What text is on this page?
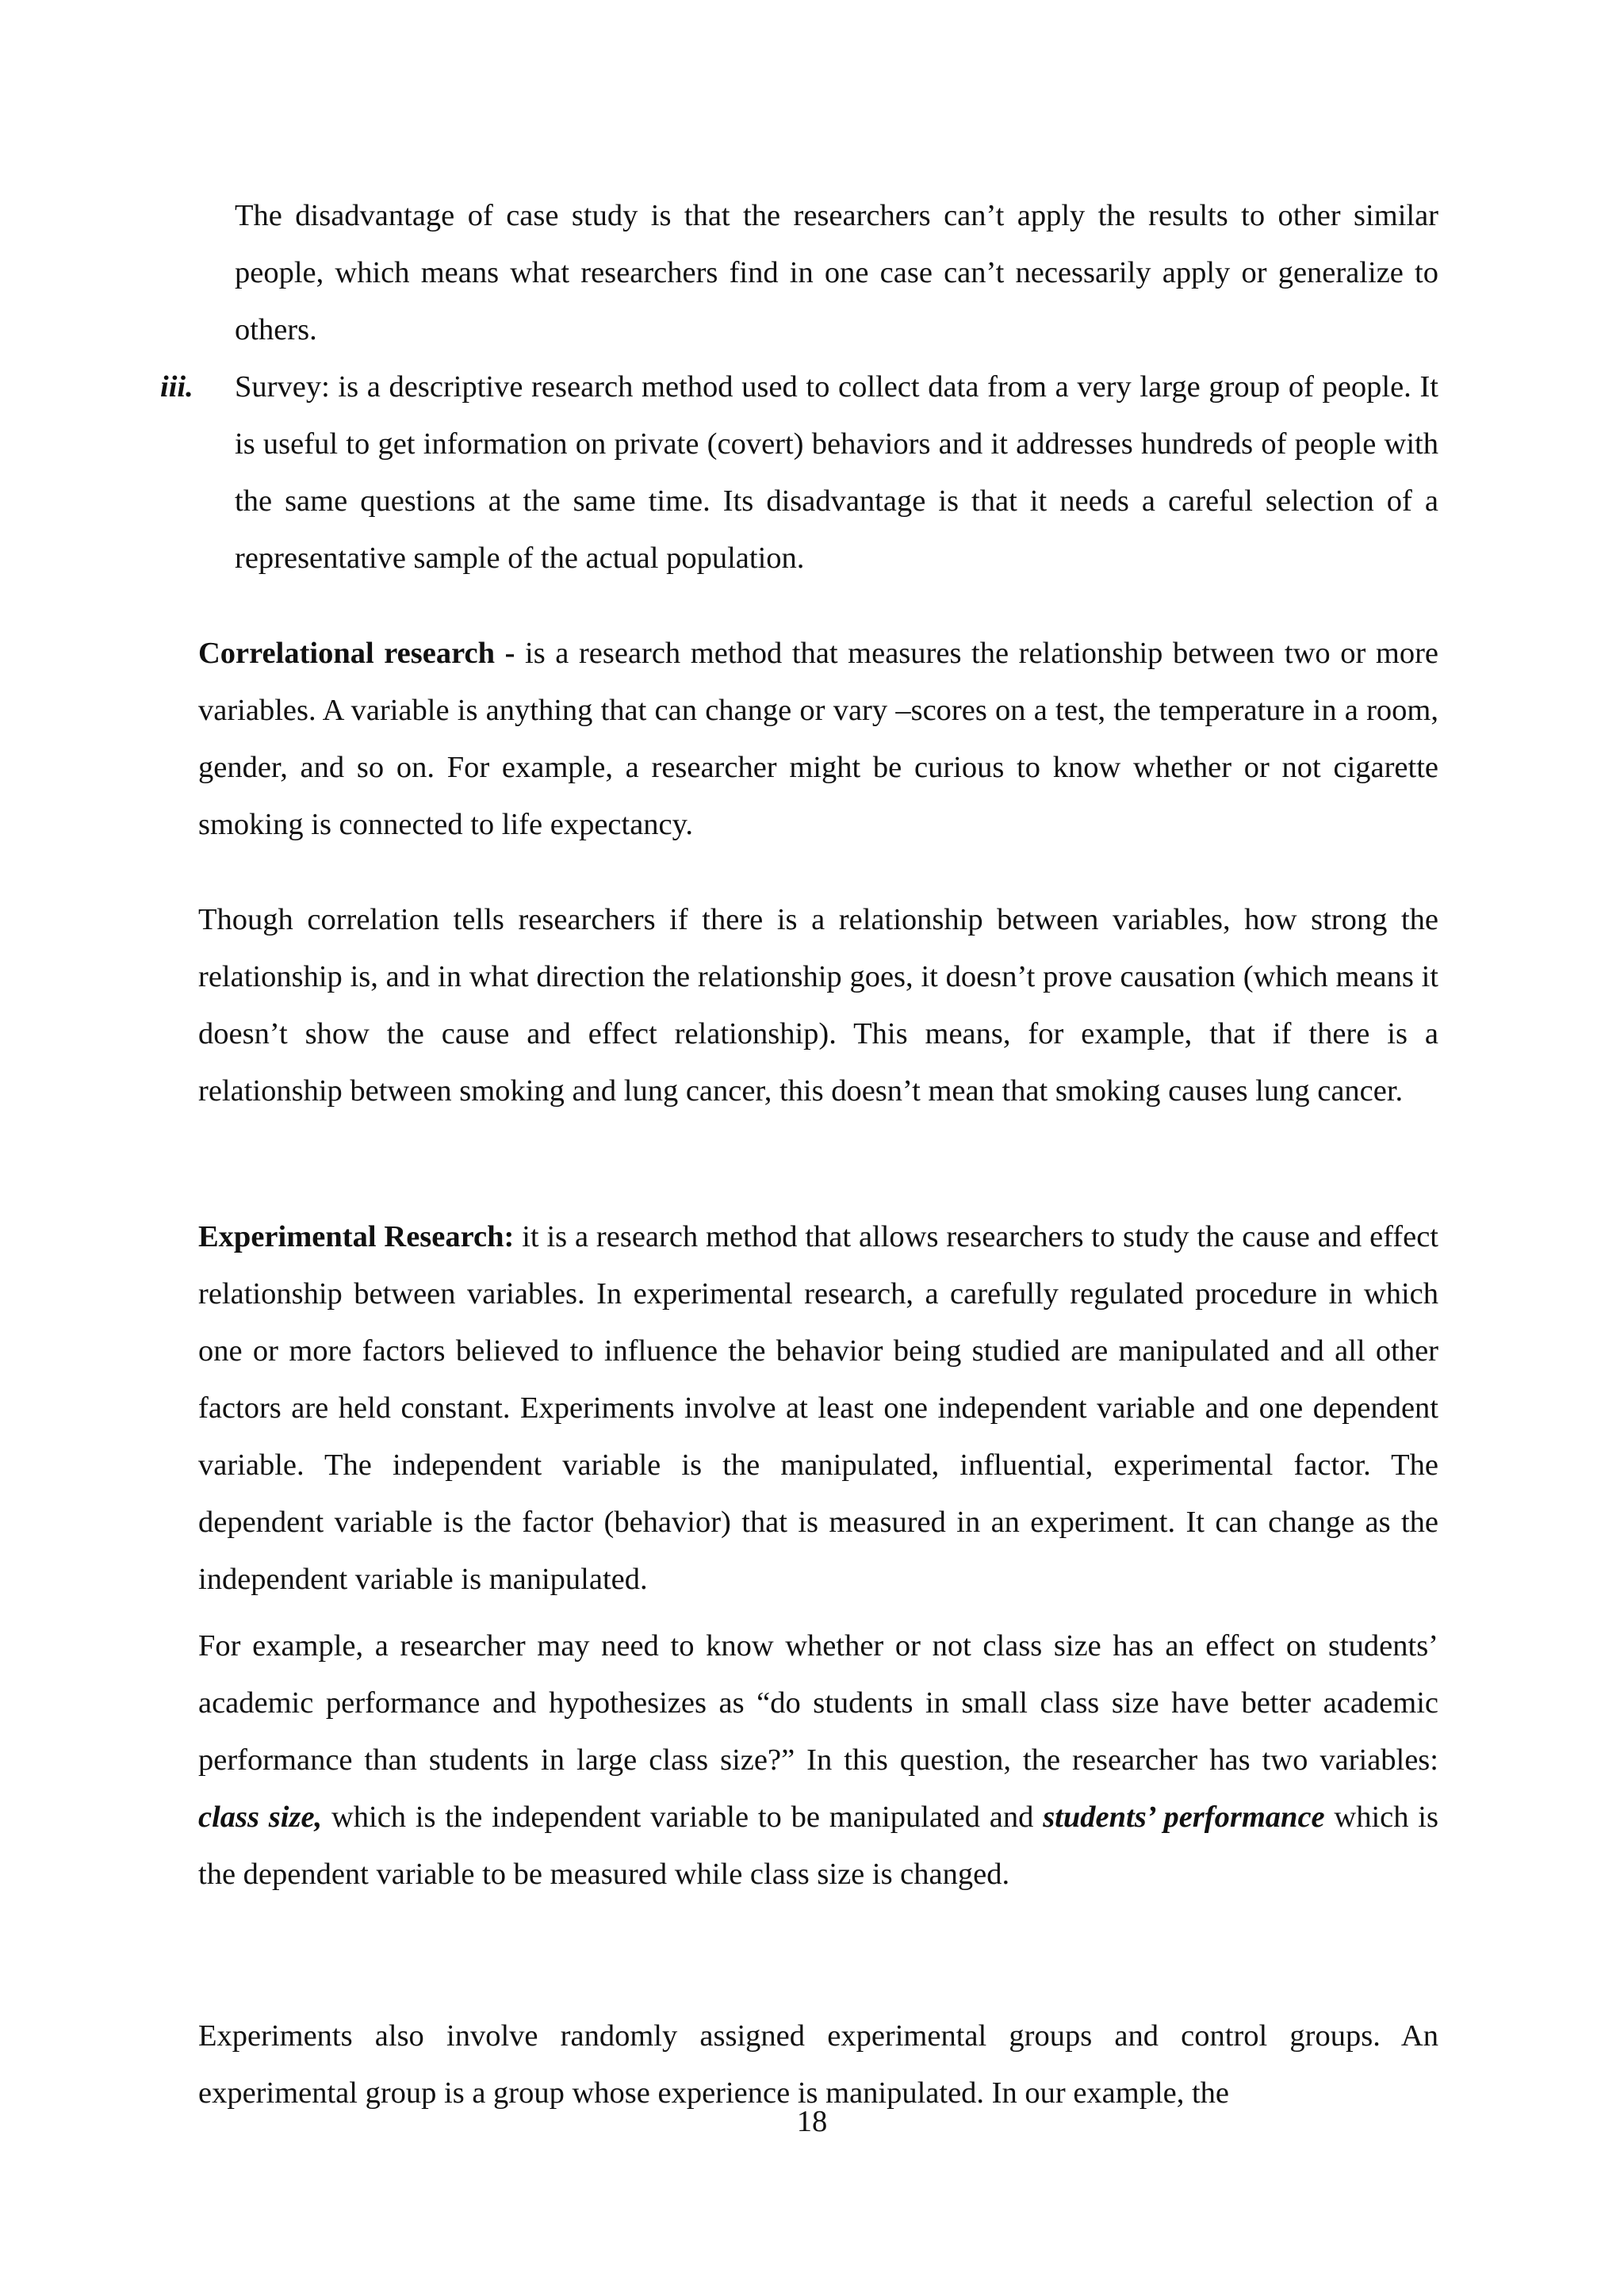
The disadvantage of case study is that the researchers can’t apply the results to other similar people, which means what researchers find in one case can’t necessarily apply or generalize to others.

iii. Survey: is a descriptive research method used to collect data from a very large group of people. It is useful to get information on private (covert) behaviors and it addresses hundreds of people with the same questions at the same time. Its disadvantage is that it needs a careful selection of a representative sample of the actual population.

Correlational research - is a research method that measures the relationship between two or more variables. A variable is anything that can change or vary –scores on a test, the temperature in a room, gender, and so on. For example, a researcher might be curious to know whether or not cigarette smoking is connected to life expectancy.

Though correlation tells researchers if there is a relationship between variables, how strong the relationship is, and in what direction the relationship goes, it doesn’t prove causation (which means it doesn’t show the cause and effect relationship). This means, for example, that if there is a relationship between smoking and lung cancer, this doesn’t mean that smoking causes lung cancer.

Experimental Research: it is a research method that allows researchers to study the cause and effect relationship between variables. In experimental research, a carefully regulated procedure in which one or more factors believed to influence the behavior being studied are manipulated and all other factors are held constant. Experiments involve at least one independent variable and one dependent variable. The independent variable is the manipulated, influential, experimental factor. The dependent variable is the factor (behavior) that is measured in an experiment. It can change as the independent variable is manipulated.

For example, a researcher may need to know whether or not class size has an effect on students’ academic performance and hypothesizes as “do students in small class size have better academic performance than students in large class size?” In this question, the researcher has two variables: class size, which is the independent variable to be manipulated and students’ performance which is the dependent variable to be measured while class size is changed.

Experiments also involve randomly assigned experimental groups and control groups. An experimental group is a group whose experience is manipulated. In our example, the

18
